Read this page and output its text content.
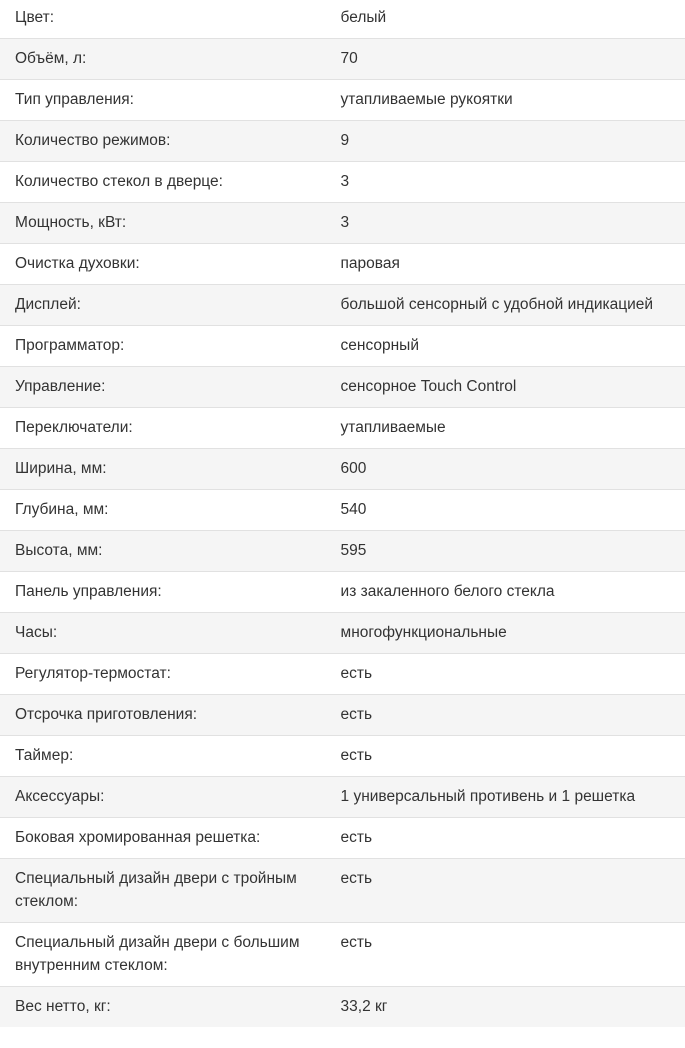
Цвет:	белый
Объём, л:	70
Тип управления:	утапливаемые рукоятки
Количество режимов:	9
Количество стекол в дверце:	3
Мощность, кВт:	3
Очистка духовки:	паровая
Дисплей:	большой сенсорный с удобной индикацией
Программатор:	сенсорный
Управление:	сенсорное Touch Control
Переключатели:	утапливаемые
Ширина, мм:	600
Глубина, мм:	540
Высота, мм:	595
Панель управления:	из закаленного белого стекла
Часы:	многофункциональные
Регулятор-термостат:	есть
Отсрочка приготовления:	есть
Таймер:	есть
Аксессуары:	1 универсальный противень и 1 решетка
Боковая хромированная решетка:	есть
Специальный дизайн двери с тройным стеклом:	есть
Специальный дизайн двери с большим внутренним стеклом:	есть
Вес нетто, кг:	33,2 кг
